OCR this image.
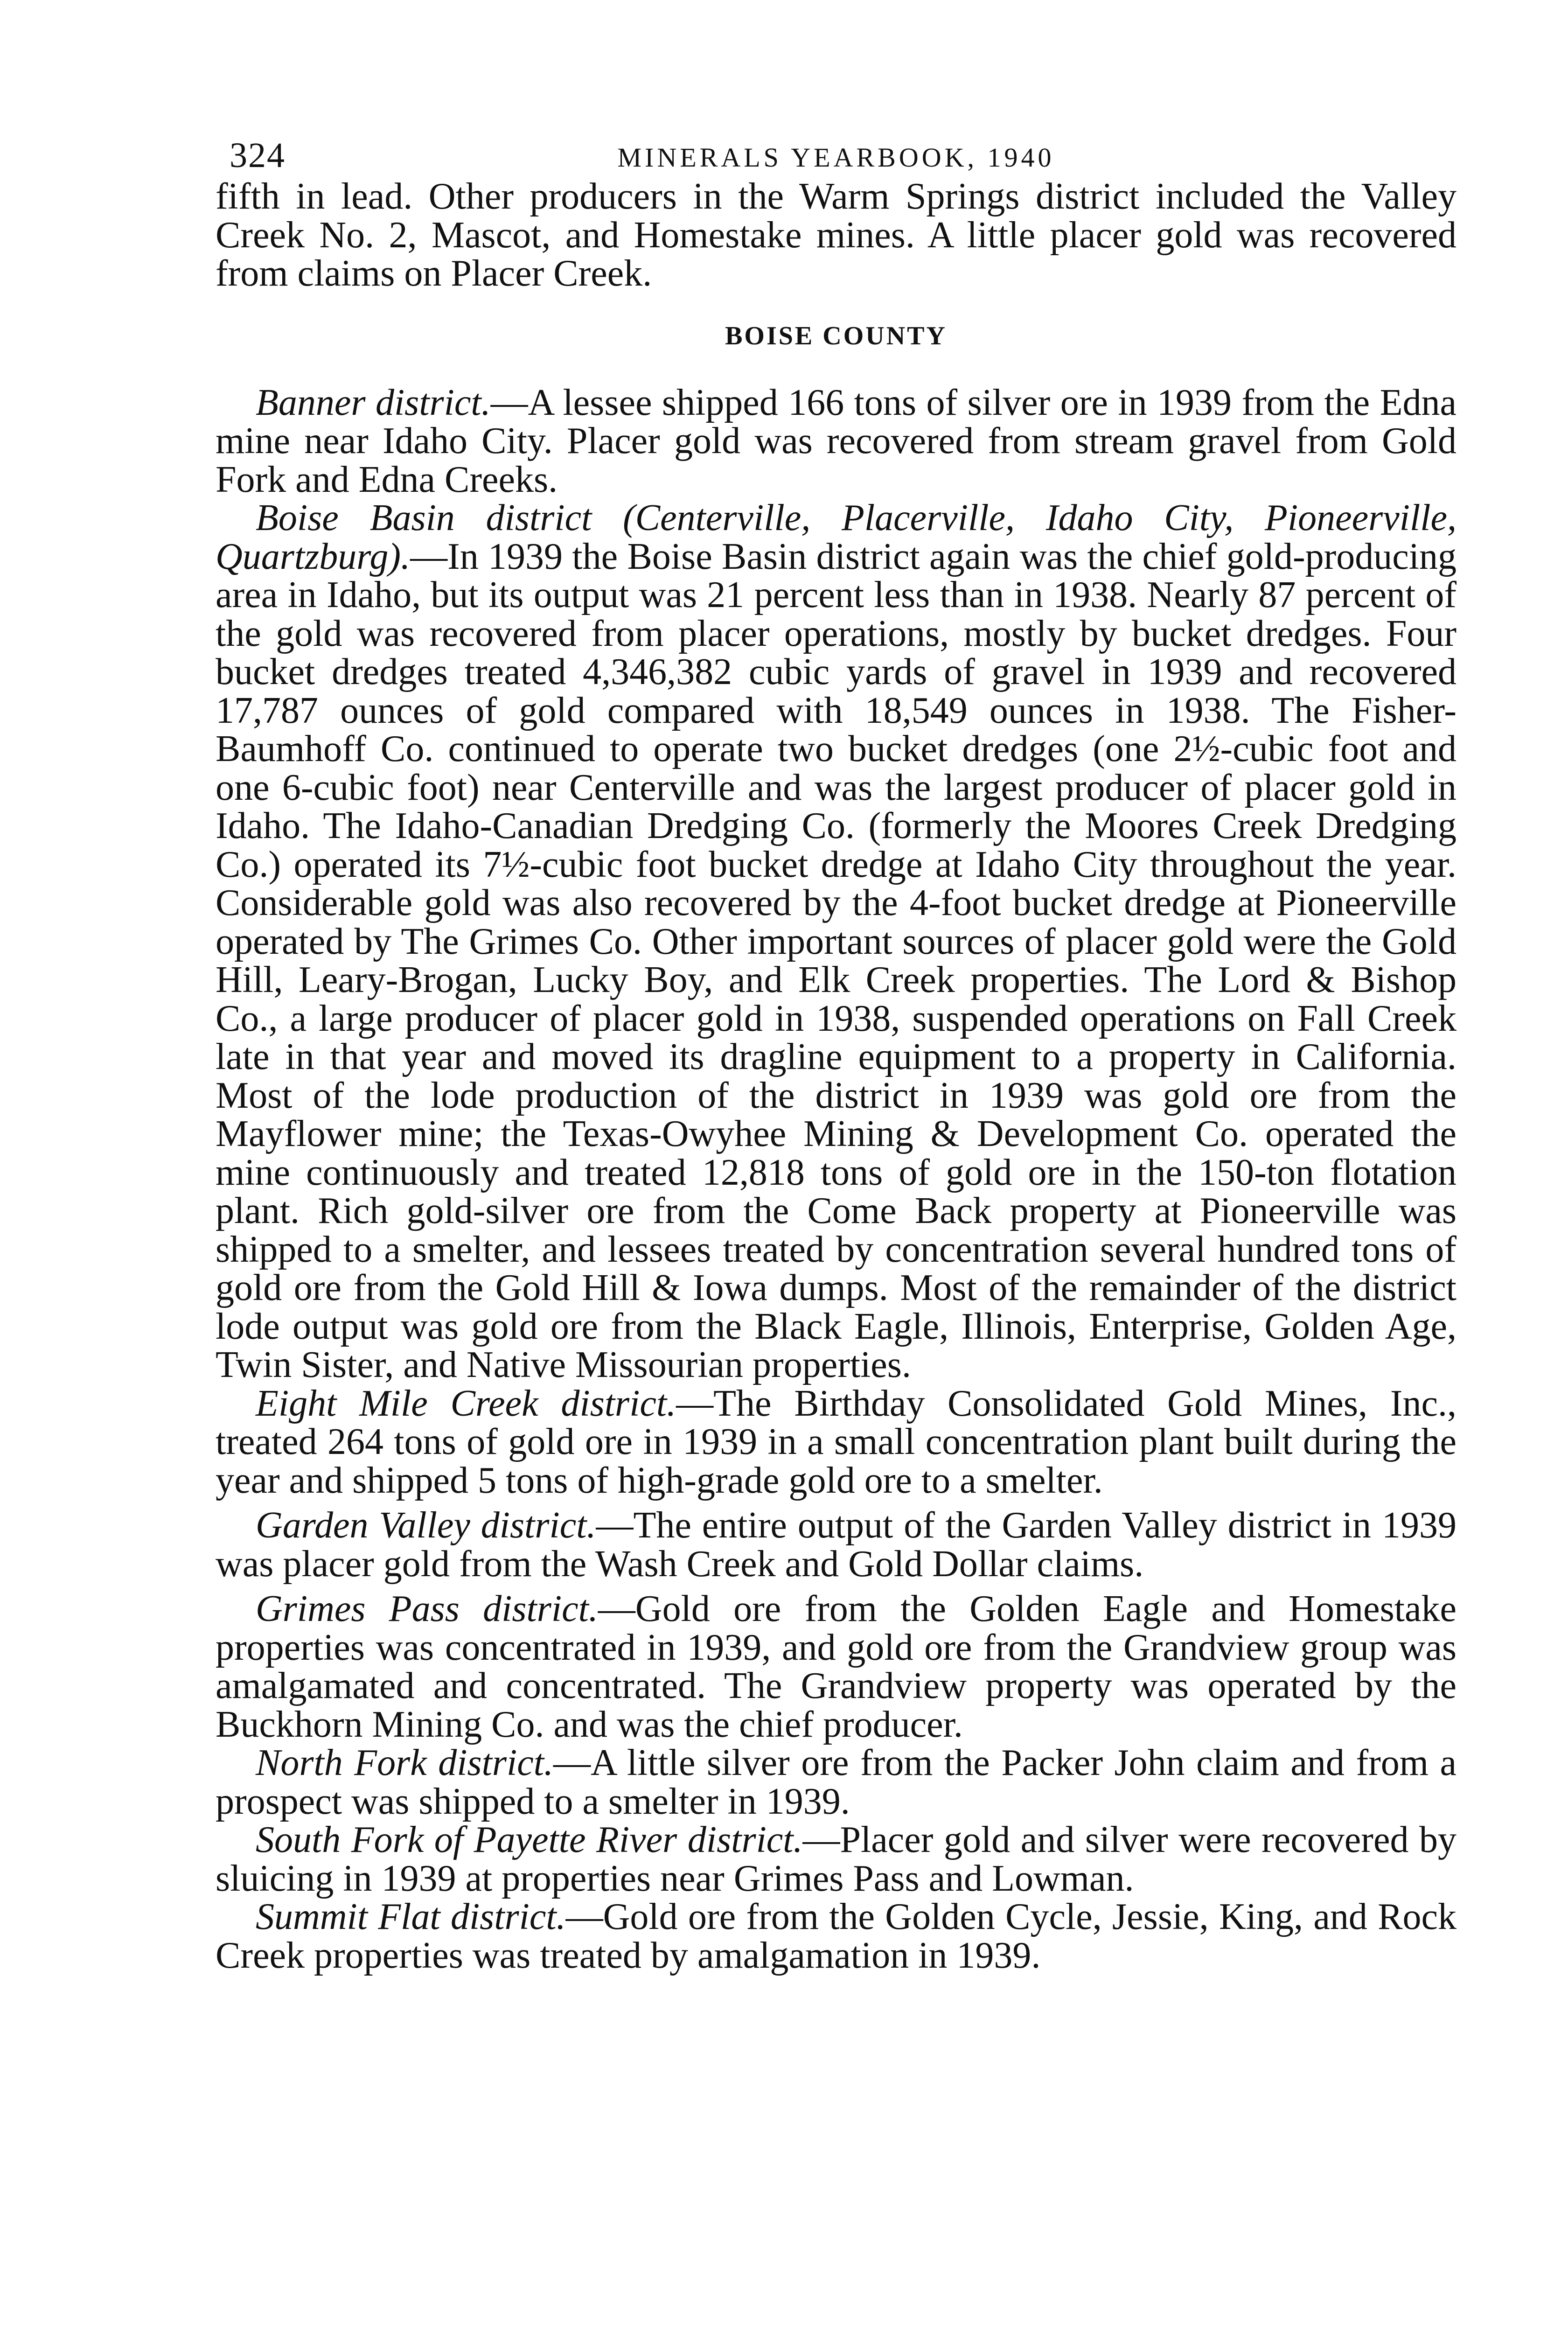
324	MINERALS YEARBOOK, 1940

fifth in lead. Other producers in the Warm Springs district included the Valley Creek No. 2, Mascot, and Homestake mines. A little placer gold was recovered from claims on Placer Creek.

BOISE COUNTY

Banner district.—A lessee shipped 166 tons of silver ore in 1939 from the Edna mine near Idaho City. Placer gold was recovered from stream gravel from Gold Fork and Edna Creeks.

Boise Basin district (Centerville, Placerville, Idaho City, Pioneerville, Quartzburg).—In 1939 the Boise Basin district again was the chief gold-producing area in Idaho, but its output was 21 percent less than in 1938. Nearly 87 percent of the gold was recovered from placer operations, mostly by bucket dredges. Four bucket dredges treated 4,346,382 cubic yards of gravel in 1939 and recovered 17,787 ounces of gold compared with 18,549 ounces in 1938. The Fisher-Baumhoff Co. continued to operate two bucket dredges (one 2½-cubic foot and one 6-cubic foot) near Centerville and was the largest producer of placer gold in Idaho. The Idaho-Canadian Dredging Co. (formerly the Moores Creek Dredging Co.) operated its 7½-cubic foot bucket dredge at Idaho City throughout the year. Considerable gold was also recovered by the 4-foot bucket dredge at Pioneerville operated by The Grimes Co. Other important sources of placer gold were the Gold Hill, Leary-Brogan, Lucky Boy, and Elk Creek properties. The Lord & Bishop Co., a large producer of placer gold in 1938, suspended operations on Fall Creek late in that year and moved its dragline equipment to a property in California. Most of the lode production of the district in 1939 was gold ore from the Mayflower mine; the Texas-Owyhee Mining & Development Co. operated the mine continuously and treated 12,818 tons of gold ore in the 150-ton flotation plant. Rich gold-silver ore from the Come Back property at Pioneerville was shipped to a smelter, and lessees treated by concentration several hundred tons of gold ore from the Gold Hill & Iowa dumps. Most of the remainder of the district lode output was gold ore from the Black Eagle, Illinois, Enterprise, Golden Age, Twin Sister, and Native Missourian properties.

Eight Mile Creek district.—The Birthday Consolidated Gold Mines, Inc., treated 264 tons of gold ore in 1939 in a small concentration plant built during the year and shipped 5 tons of high-grade gold ore to a smelter.

Garden Valley district.—The entire output of the Garden Valley district in 1939 was placer gold from the Wash Creek and Gold Dollar claims.

Grimes Pass district.—Gold ore from the Golden Eagle and Homestake properties was concentrated in 1939, and gold ore from the Grandview group was amalgamated and concentrated. The Grandview property was operated by the Buckhorn Mining Co. and was the chief producer.

North Fork district.—A little silver ore from the Packer John claim and from a prospect was shipped to a smelter in 1939.

South Fork of Payette River district.—Placer gold and silver were recovered by sluicing in 1939 at properties near Grimes Pass and Lowman.

Summit Flat district.—Gold ore from the Golden Cycle, Jessie, King, and Rock Creek properties was treated by amalgamation in 1939.
